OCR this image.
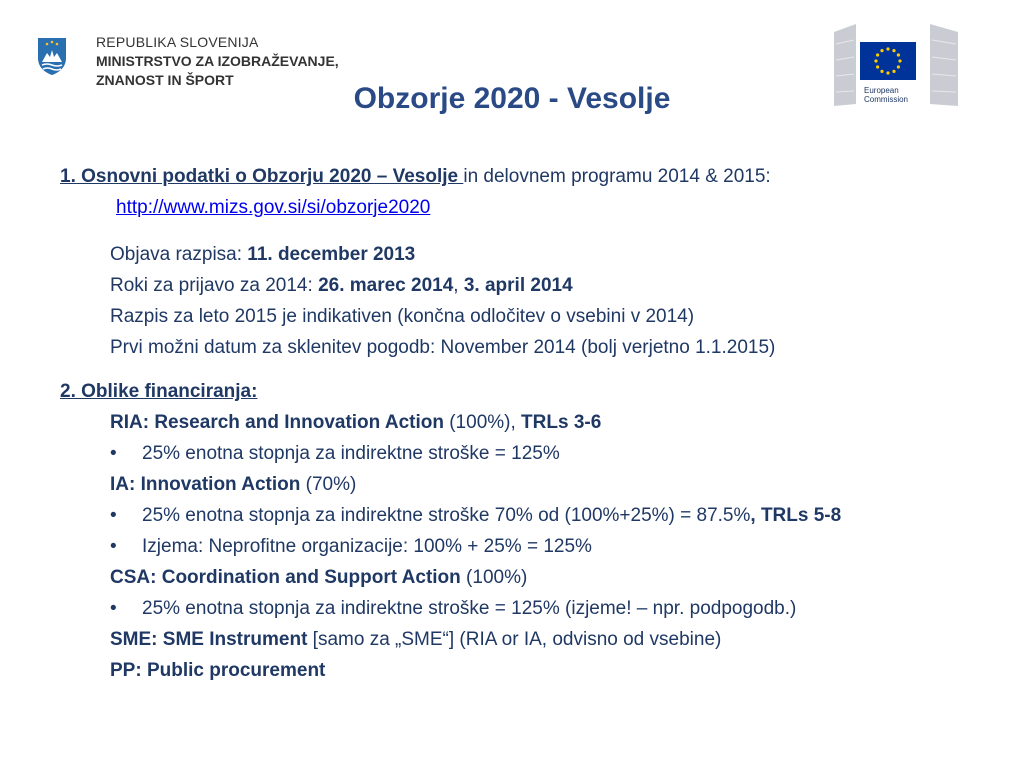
REPUBLIKA SLOVENIJA
MINISTRSTVO ZA IZOBRAŽEVANJE,
ZNANOST IN ŠPORT
European
Commission
Obzorje 2020 - Vesolje
1. Osnovni podatki o Obzorju 2020 – Vesolje in delovnem programu 2014 & 2015:
http://www.mizs.gov.si/si/obzorje2020
Objava razpisa: 11. december 2013
Roki za prijavo za 2014: 26. marec 2014, 3. april 2014
Razpis za leto 2015 je indikativen (končna odločitev o vsebini v 2014)
Prvi možni datum za sklenitev pogodb: November 2014 (bolj verjetno 1.1.2015)
2. Oblike financiranja:
RIA: Research and Innovation Action (100%), TRLs 3-6
• 25% enotna stopnja za indirektne stroške = 125%
IA: Innovation Action (70%)
• 25% enotna stopnja za indirektne stroške 70% od (100%+25%) = 87.5%, TRLs 5-8
• Izjema: Neprofitne organizacije: 100% + 25% = 125%
CSA: Coordination and Support Action (100%)
• 25% enotna stopnja za indirektne stroške = 125% (izjeme! – npr. podpogodb.)
SME: SME Instrument [samo za „SME“] (RIA or IA, odvisno od vsebine)
PP: Public procurement
